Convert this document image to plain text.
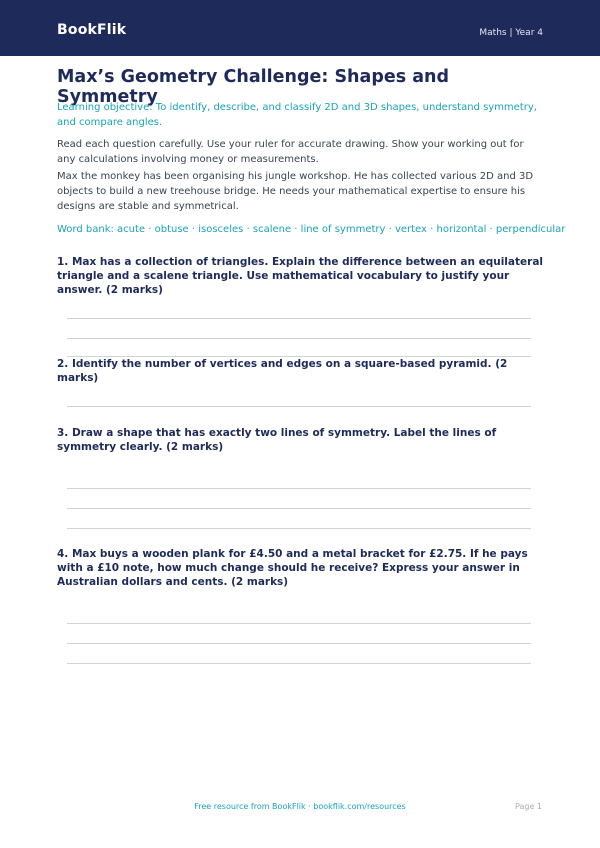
BookFlik	Maths | Year 4
Max’s Geometry Challenge: Shapes and Symmetry

Learning objective: To identify, describe, and classify 2D and 3D shapes, understand symmetry, and compare angles.

Read each question carefully. Use your ruler for accurate drawing. Show your working out for any calculations involving money or measurements.

Max the monkey has been organising his jungle workshop. He has collected various 2D and 3D objects to build a new treehouse bridge. He needs your mathematical expertise to ensure his designs are stable and symmetrical.

Word bank: acute · obtuse · isosceles · scalene · line of symmetry · vertex · horizontal · perpendicular

1. Max has a collection of triangles. Explain the difference between an equilateral triangle and a scalene triangle. Use mathematical vocabulary to justify your answer. (2 marks)

2. Identify the number of vertices and edges on a square-based pyramid. (2 marks)

3. Draw a shape that has exactly two lines of symmetry. Label the lines of symmetry clearly. (2 marks)

4. Max buys a wooden plank for £4.50 and a metal bracket for £2.75. If he pays with a £10 note, how much change should he receive? Express your answer in Australian dollars and cents. (2 marks)

Free resource from BookFlik · bookflik.com/resources	Page 1
